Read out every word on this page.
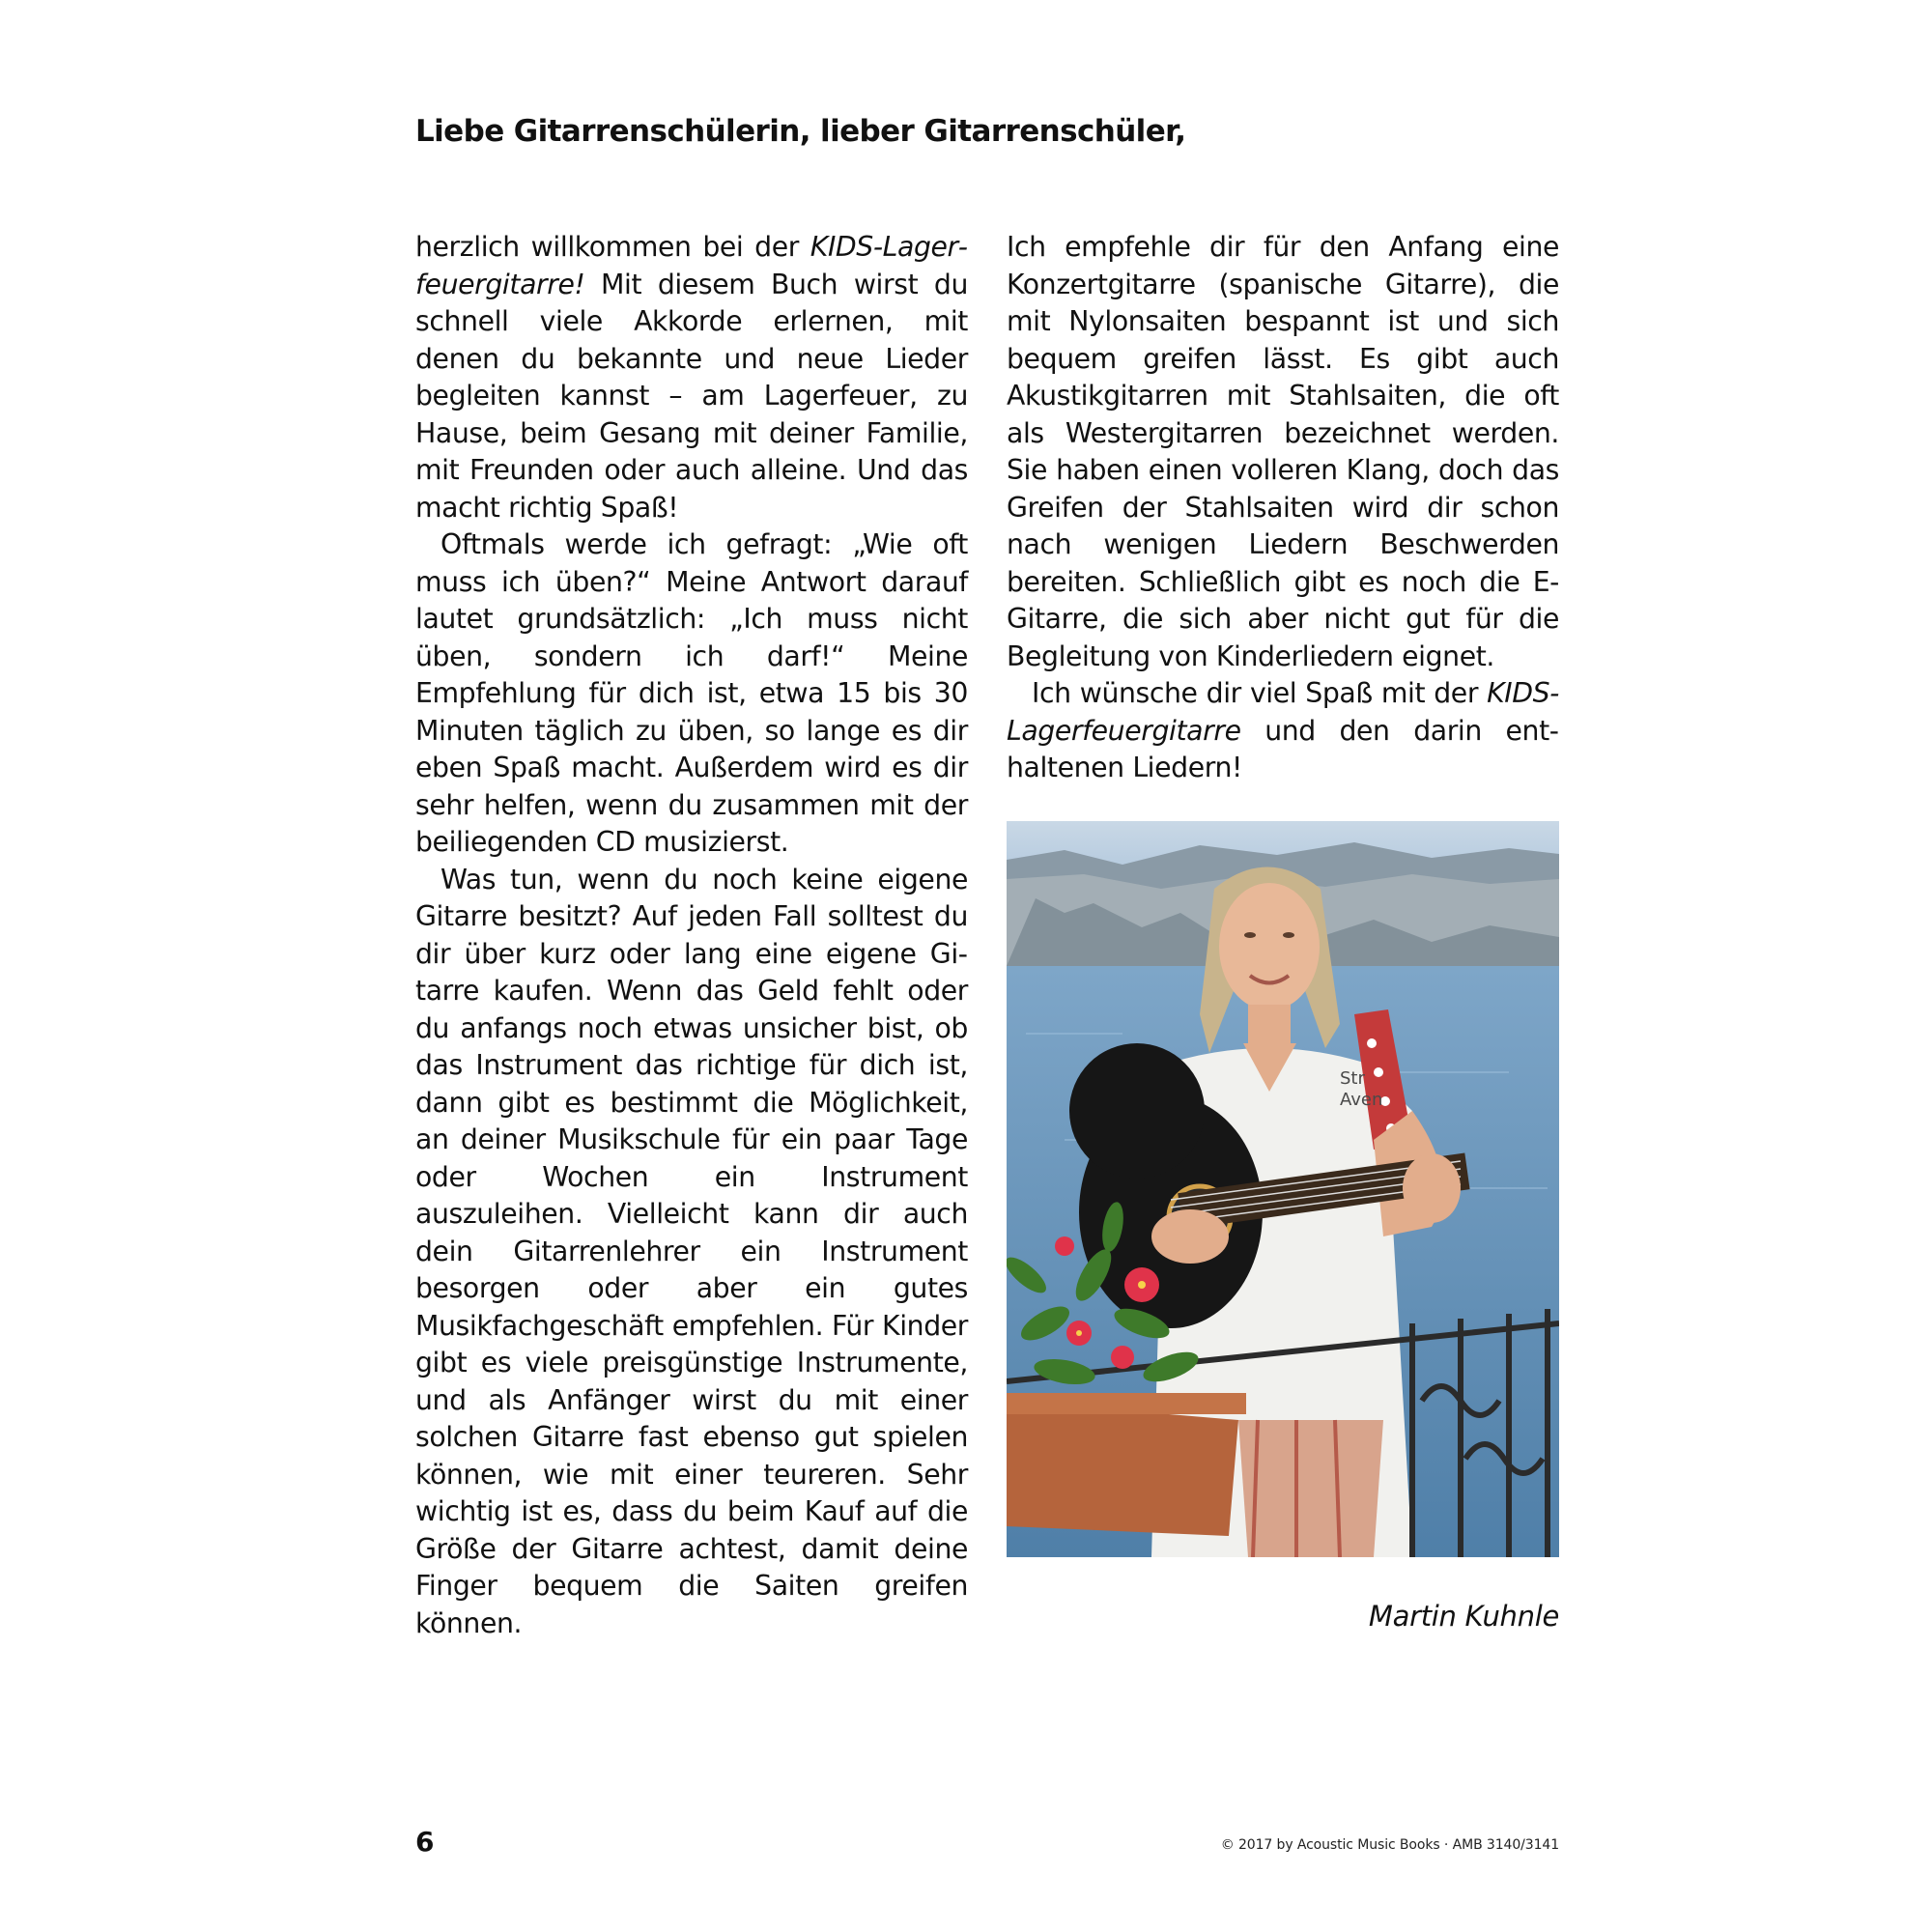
Liebe Gitarrenschülerin, lieber Gitarrenschüler,

herzlich willkommen bei der KIDS-Lagerfeuergitarre! Mit diesem Buch wirst du schnell viele Akkorde erlernen, mit denen du bekannte und neue Lieder begleiten kannst – am Lagerfeuer, zu Hause, beim Gesang mit deiner Familie, mit Freunden oder auch alleine. Und das macht richtig Spaß!

Oftmals werde ich gefragt: „Wie oft muss ich üben?“ Meine Antwort darauf lautet grundsätzlich: „Ich muss nicht üben, sondern ich darf!“ Meine Empfehlung für dich ist, etwa 15 bis 30 Minuten täglich zu üben, so lange es dir eben Spaß macht. Außerdem wird es dir sehr helfen, wenn du zusammen mit der beiliegenden CD musizierst.

Was tun, wenn du noch keine eigene Gitarre besitzt? Auf jeden Fall solltest du dir über kurz oder lang eine eigene Gitarre kaufen. Wenn das Geld fehlt oder du anfangs noch etwas unsicher bist, ob das Instrument das richtige für dich ist, dann gibt es bestimmt die Möglichkeit, an deiner Musikschule für ein paar Tage oder Wochen ein Instrument auszuleihen. Vielleicht kann dir auch dein Gitarrenlehrer ein Instrument besorgen oder aber ein gutes Musikfachgeschäft empfehlen. Für Kinder gibt es viele preisgünstige Instrumente, und als Anfänger wirst du mit einer solchen Gitarre fast ebenso gut spielen können, wie mit einer teureren. Sehr wichtig ist es, dass du beim Kauf auf die Größe der Gitarre achtest, damit deine Finger bequem die Saiten greifen können.

Ich empfehle dir für den Anfang eine Konzertgitarre (spanische Gitarre), die mit Nylonsaiten bespannt ist und sich bequem greifen lässt. Es gibt auch Akustikgitarren mit Stahlsaiten, die oft als Westergitarren bezeichnet werden. Sie haben einen volleren Klang, doch das Greifen der Stahlsaiten wird dir schon nach wenigen Liedern Beschwerden bereiten. Schließlich gibt es noch die E-Gitarre, die sich aber nicht gut für die Begleitung von Kinderliedern eignet.

Ich wünsche dir viel Spaß mit der KIDS-Lagerfeuergitarre und den darin enthaltenen Liedern!

Str
Aven
Martin Kuhnle
6	© 2017 by Acoustic Music Books · AMB 3140/3141
